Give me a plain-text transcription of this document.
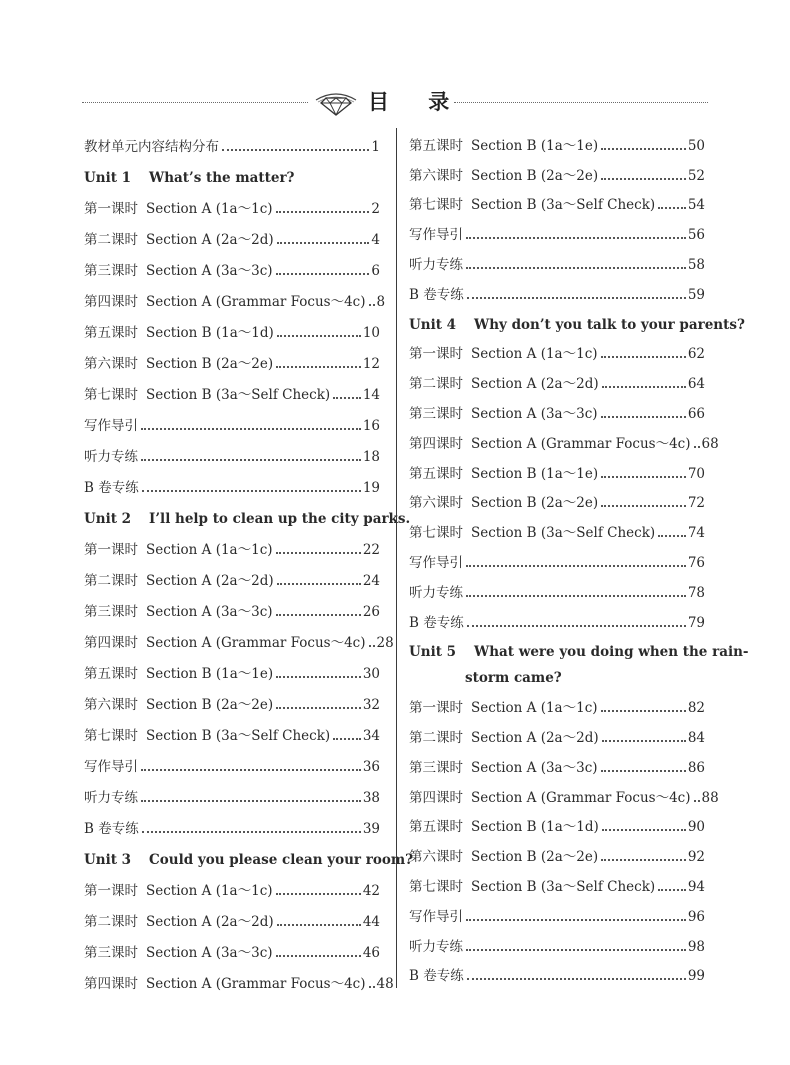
目 录
教材单元内容结构分布	1
Unit 1 What’s the matter?
第一课时 Section A (1a～1c)	2
第二课时 Section A (2a～2d)	4
第三课时 Section A (3a～3c)	6
第四课时 Section A (Grammar Focus～4c) 8
第五课时 Section B (1a～1d)	10
第六课时 Section B (2a～2e)	12
第七课时 Section B (3a～Self Check) 14
写作导引	16
听力专练	18
B 卷专练	19
Unit 2 I’ll help to clean up the city parks.
第一课时 Section A (1a～1c)	22
第二课时 Section A (2a～2d)	24
第三课时 Section A (3a～3c)	26
第四课时 Section A (Grammar Focus～4c) 28
第五课时 Section B (1a～1e)	30
第六课时 Section B (2a～2e)	32
第七课时 Section B (3a～Self Check) 34
写作导引	36
听力专练	38
B 卷专练	39
Unit 3 Could you please clean your room?
第一课时 Section A (1a～1c)	42
第二课时 Section A (2a～2d)	44
第三课时 Section A (3a～3c)	46
第四课时 Section A (Grammar Focus～4c) 48
第五课时 Section B (1a～1e)	50
第六课时 Section B (2a～2e)	52
第七课时 Section B (3a～Self Check) 54
写作导引	56
听力专练	58
B 卷专练	59
Unit 4 Why don’t you talk to your parents?
第一课时 Section A (1a～1c)	62
第二课时 Section A (2a～2d)	64
第三课时 Section A (3a～3c)	66
第四课时 Section A (Grammar Focus～4c) 68
第五课时 Section B (1a～1e)	70
第六课时 Section B (2a～2e)	72
第七课时 Section B (3a～Self Check) 74
写作导引	76
听力专练	78
B 卷专练	79
Unit 5 What were you doing when the rain-
storm came?
第一课时 Section A (1a～1c)	82
第二课时 Section A (2a～2d)	84
第三课时 Section A (3a～3c)	86
第四课时 Section A (Grammar Focus～4c) 88
第五课时 Section B (1a～1d)	90
第六课时 Section B (2a～2e)	92
第七课时 Section B (3a～Self Check) 94
写作导引	96
听力专练	98
B 卷专练	99
